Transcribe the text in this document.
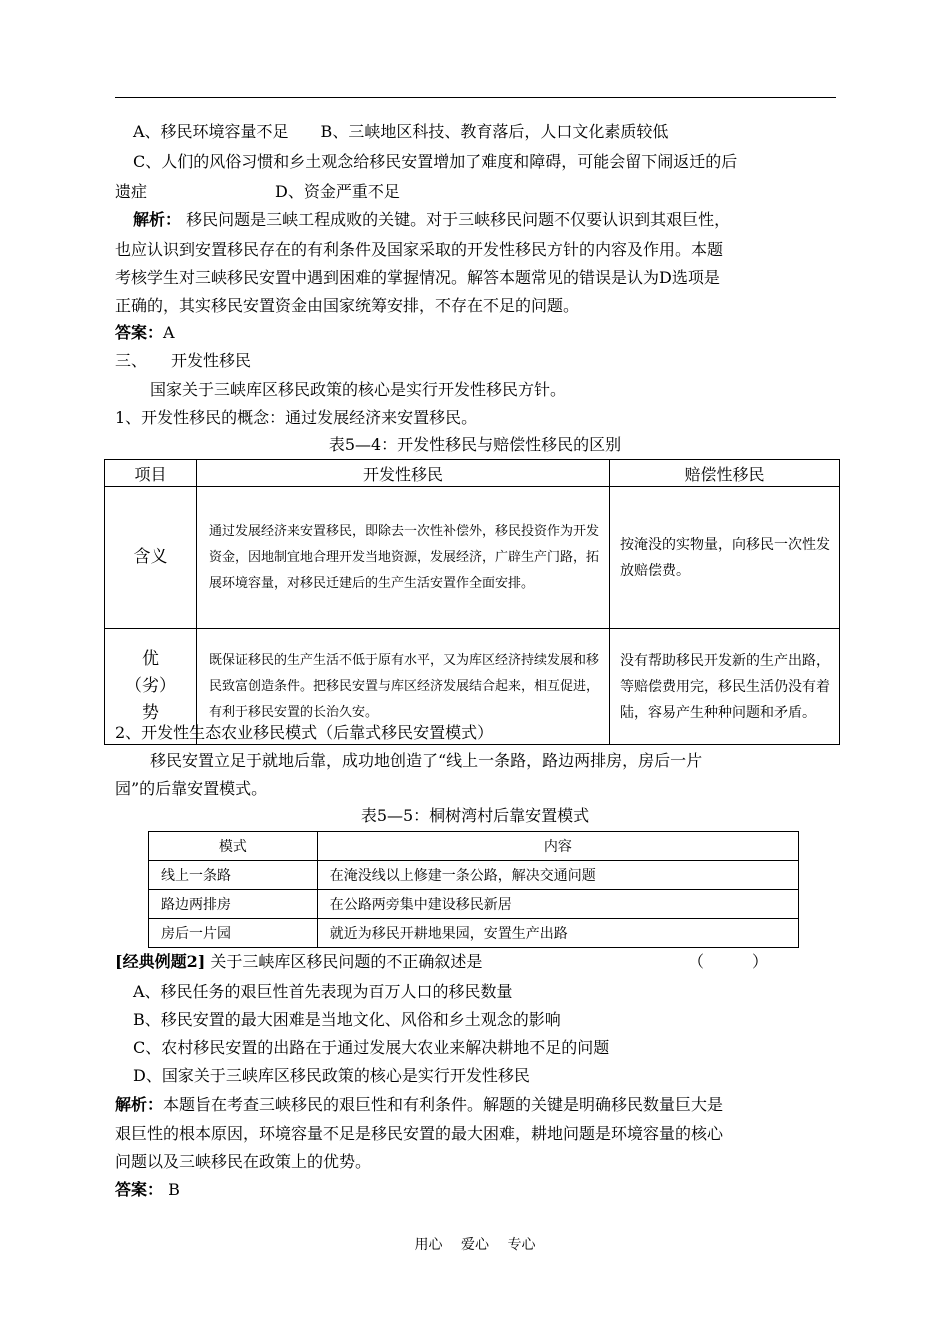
A、移民环境容量不足　　B、三峡地区科技、教育落后，人口文化素质较低
C、人们的风俗习惯和乡土观念给移民安置增加了难度和障碍，可能会留下闹返迁的后
遗症　　　　　　　　D、资金严重不足
解析： 移民问题是三峡工程成败的关键。对于三峡移民问题不仅要认识到其艰巨性，
也应认识到安置移民存在的有利条件及国家采取的开发性移民方针的内容及作用。本题
考核学生对三峡移民安置中遇到困难的掌握情况。解答本题常见的错误是认为D选项是
正确的，其实移民安置资金由国家统筹安排，不存在不足的问题。
答案：A
三、　　开发性移民
国家关于三峡库区移民政策的核心是实行开发性移民方针。
1、开发性移民的概念：通过发展经济来安置移民。
表5—4：开发性移民与赔偿性移民的区别
项目	开发性移民	赔偿性移民
含义	通过发展经济来安置移民，即除去一次性补偿外，移民投资作为开发资金，因地制宜地合理开发当地资源，发展经济，广辟生产门路，拓展环境容量，对移民迁建后的生产生活安置作全面安排。	按淹没的实物量，向移民一次性发放赔偿费。
优（劣）势	既保证移民的生产生活不低于原有水平，又为库区经济持续发展和移民致富创造条件。把移民安置与库区经济发展结合起来，相互促进，有利于移民安置的长治久安。	没有帮助移民开发新的生产出路，等赔偿费用完，移民生活仍没有着陆，容易产生种种问题和矛盾。
2、开发性生态农业移民模式（后靠式移民安置模式）
移民安置立足于就地后靠，成功地创造了“线上一条路，路边两排房，房后一片
园”的后靠安置模式。
表5—5：桐树湾村后靠安置模式
模式	内容
线上一条路	在淹没线以上修建一条公路，解决交通问题
路边两排房	在公路两旁集中建设移民新居
房后一片园	就近为移民开耕地果园，安置生产出路
[经典例题2] 关于三峡库区移民问题的不正确叙述是	（　　　）
A、移民任务的艰巨性首先表现为百万人口的移民数量
B、移民安置的最大困难是当地文化、风俗和乡土观念的影响
C、农村移民安置的出路在于通过发展大农业来解决耕地不足的问题
D、国家关于三峡库区移民政策的核心是实行开发性移民
解析：本题旨在考查三峡移民的艰巨性和有利条件。解题的关键是明确移民数量巨大是
艰巨性的根本原因，环境容量不足是移民安置的最大困难，耕地问题是环境容量的核心
问题以及三峡移民在政策上的优势。
答案： B
用心 爱心 专心
